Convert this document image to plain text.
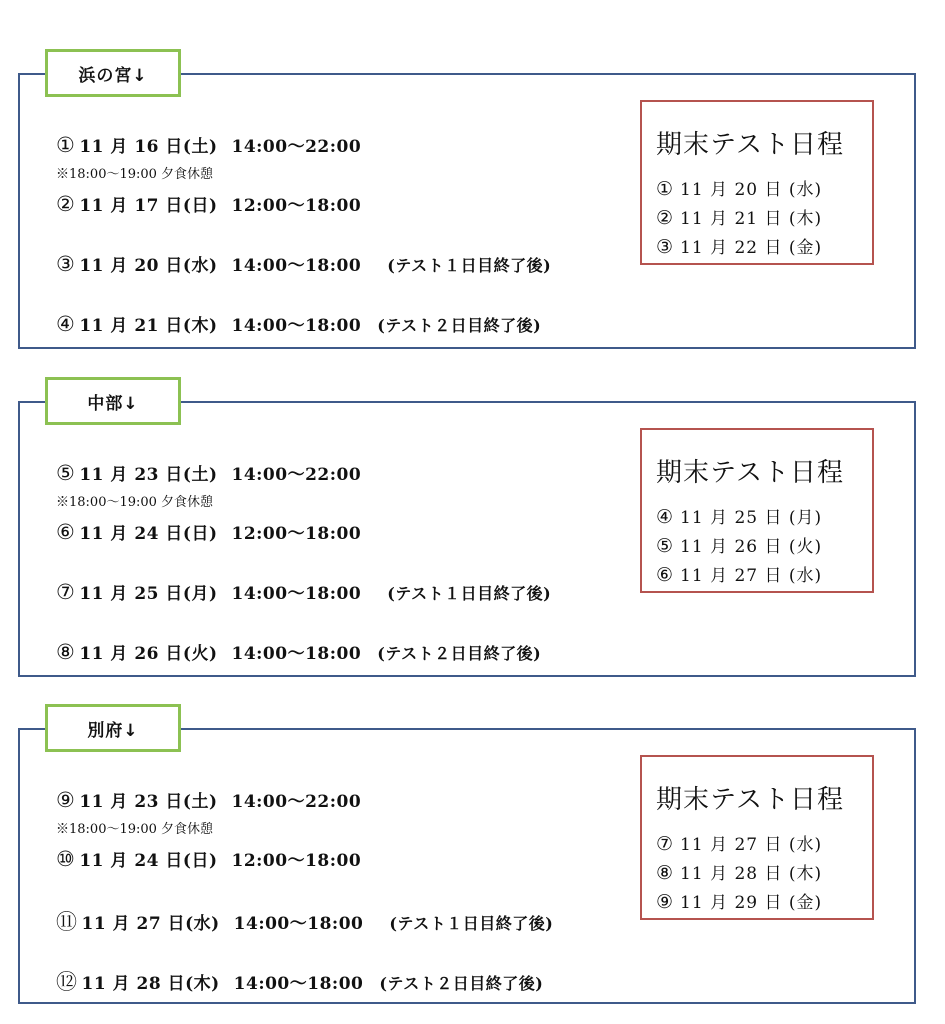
浜の宮↓
① 11 月 16 日(土) 14:00〜22:00
※18:00〜19:00 夕食休憩
② 11 月 17 日(日) 12:00〜18:00
③ 11 月 20 日(水) 14:00〜18:00 (テスト１日目終了後)
④ 11 月 21 日(木) 14:00〜18:00 (テスト２日目終了後)
期末テスト日程
① 11 月 20 日 (水)
② 11 月 21 日 (木)
③ 11 月 22 日 (金)
中部↓
⑤ 11 月 23 日(土) 14:00〜22:00
※18:00〜19:00 夕食休憩
⑥ 11 月 24 日(日) 12:00〜18:00
⑦ 11 月 25 日(月) 14:00〜18:00 (テスト１日目終了後)
⑧ 11 月 26 日(火) 14:00〜18:00 (テスト２日目終了後)
期末テスト日程
④ 11 月 25 日 (月)
⑤ 11 月 26 日 (火)
⑥ 11 月 27 日 (水)
別府↓
⑨ 11 月 23 日(土) 14:00〜22:00
※18:00〜19:00 夕食休憩
⑩ 11 月 24 日(日) 12:00〜18:00
⑪ 11 月 27 日(水) 14:00〜18:00 (テスト１日目終了後)
⑫ 11 月 28 日(木) 14:00〜18:00 (テスト２日目終了後)
期末テスト日程
⑦ 11 月 27 日 (水)
⑧ 11 月 28 日 (木)
⑨ 11 月 29 日 (金)
